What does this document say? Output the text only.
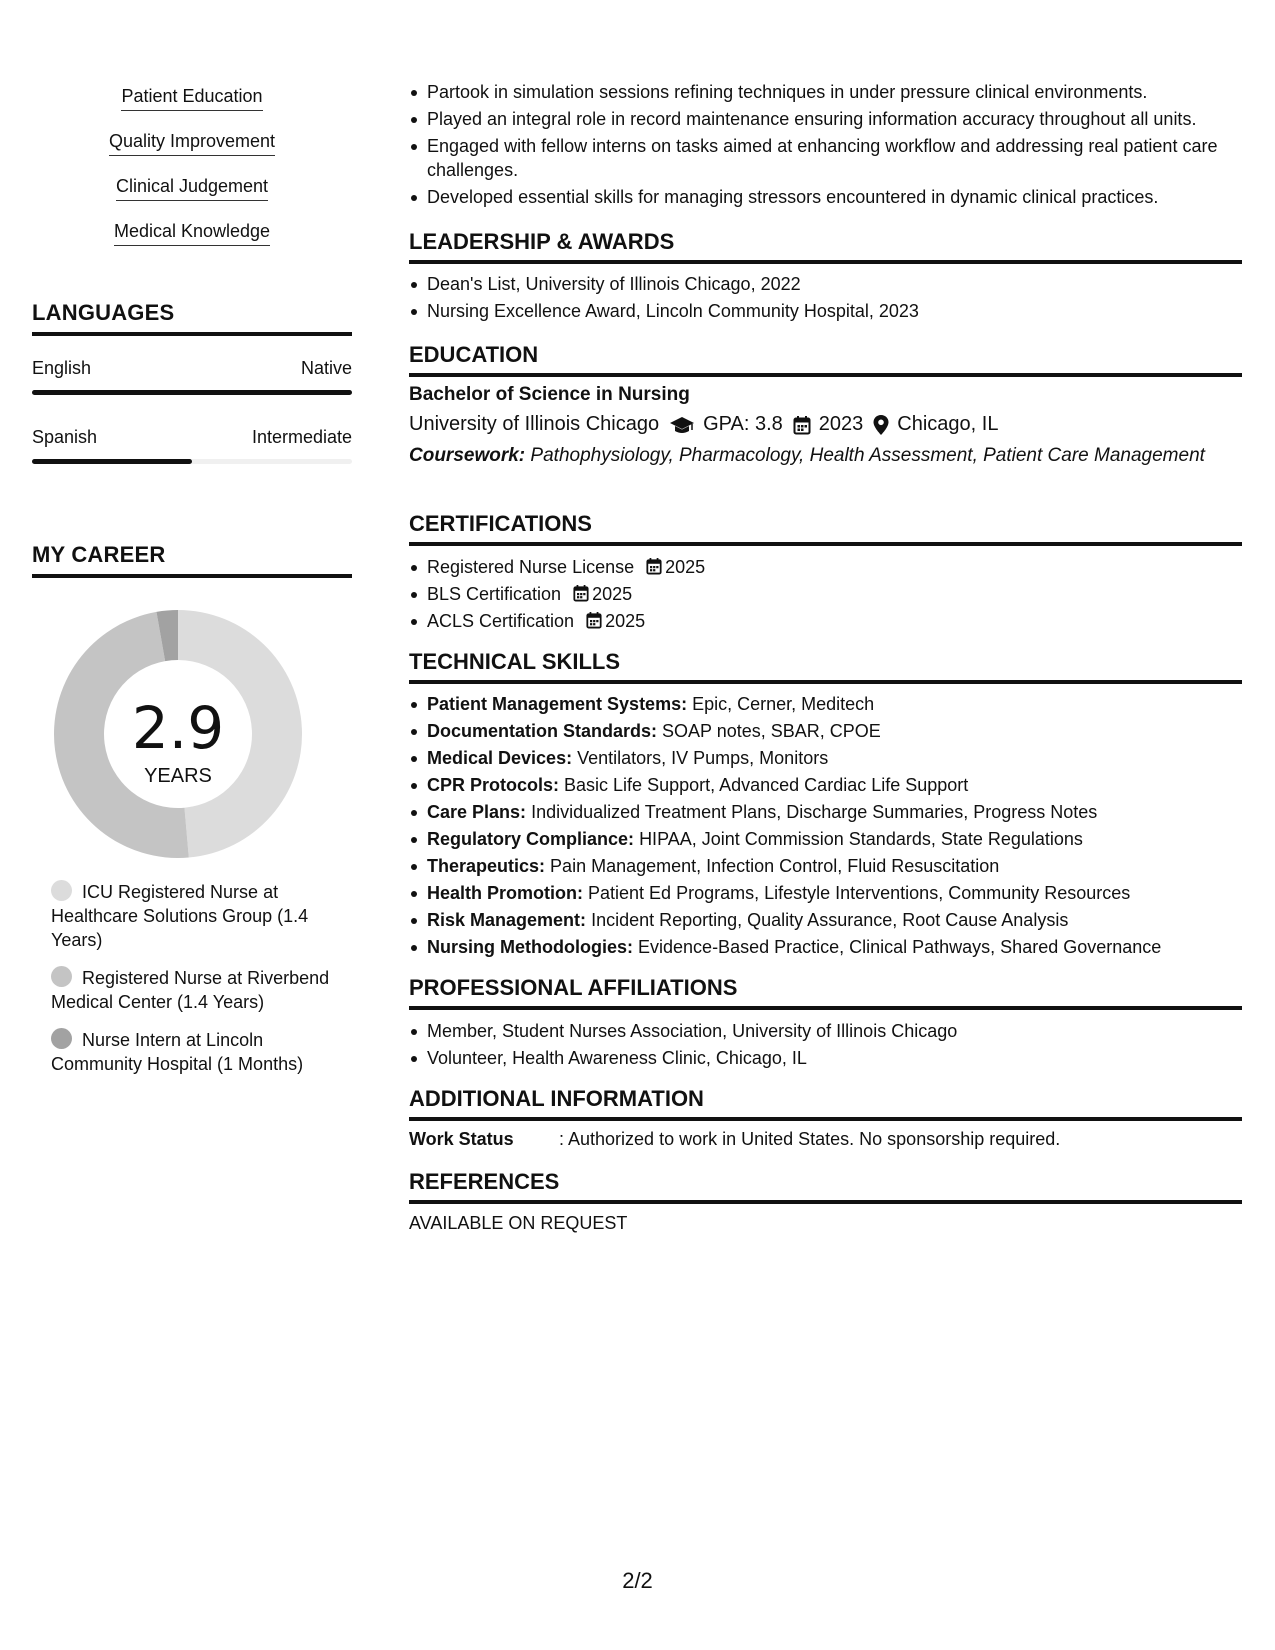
Patient Education
Quality Improvement
Clinical Judgement
Medical Knowledge
LANGUAGES
English	Native
Spanish	Intermediate
MY CAREER
2.9
YEARS
ICU Registered Nurse at Healthcare Solutions Group (1.4 Years)
Registered Nurse at Riverbend Medical Center (1.4 Years)
Nurse Intern at Lincoln Community Hospital (1 Months)
Partook in simulation sessions refining techniques in under pressure clinical environments.
Played an integral role in record maintenance ensuring information accuracy throughout all units.
Engaged with fellow interns on tasks aimed at enhancing workflow and addressing real patient care challenges.
Developed essential skills for managing stressors encountered in dynamic clinical practices.
LEADERSHIP & AWARDS
Dean's List, University of Illinois Chicago, 2022
Nursing Excellence Award, Lincoln Community Hospital, 2023
EDUCATION
Bachelor of Science in Nursing
University of Illinois Chicago GPA: 3.8 2023 Chicago, IL
Coursework: Pathophysiology, Pharmacology, Health Assessment, Patient Care Management
CERTIFICATIONS
Registered Nurse License 2025
BLS Certification 2025
ACLS Certification 2025
TECHNICAL SKILLS
Patient Management Systems: Epic, Cerner, Meditech
Documentation Standards: SOAP notes, SBAR, CPOE
Medical Devices: Ventilators, IV Pumps, Monitors
CPR Protocols: Basic Life Support, Advanced Cardiac Life Support
Care Plans: Individualized Treatment Plans, Discharge Summaries, Progress Notes
Regulatory Compliance: HIPAA, Joint Commission Standards, State Regulations
Therapeutics: Pain Management, Infection Control, Fluid Resuscitation
Health Promotion: Patient Ed Programs, Lifestyle Interventions, Community Resources
Risk Management: Incident Reporting, Quality Assurance, Root Cause Analysis
Nursing Methodologies: Evidence-Based Practice, Clinical Pathways, Shared Governance
PROFESSIONAL AFFILIATIONS
Member, Student Nurses Association, University of Illinois Chicago
Volunteer, Health Awareness Clinic, Chicago, IL
ADDITIONAL INFORMATION
Work Status	: Authorized to work in United States. No sponsorship required.
REFERENCES
AVAILABLE ON REQUEST
2/2
